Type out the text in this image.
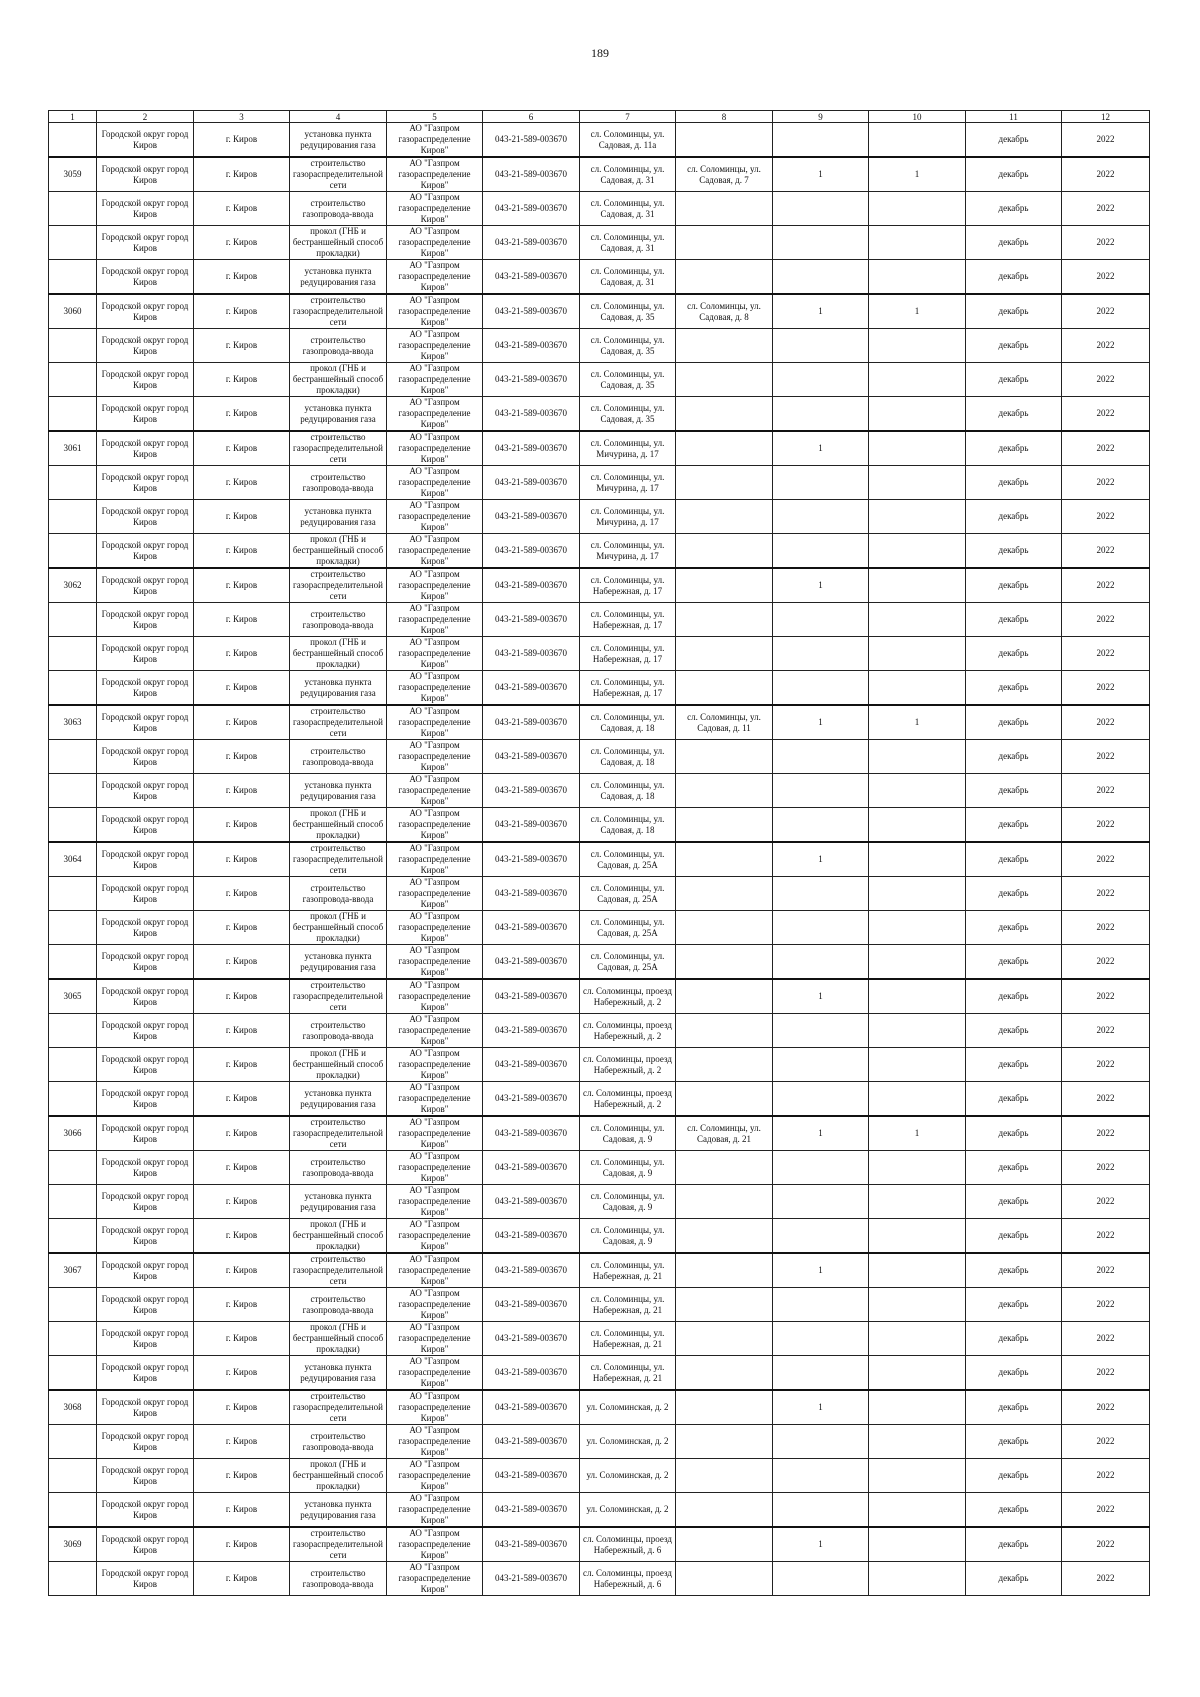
189
1	2	3	4	5	6	7	8	9	10	11	12
	Городской округ город Киров	г. Киров	установка пункта редуцирования газа	АО "Газпром газораспределение Киров"	043-21-589-003670	сл. Соломинцы, ул. Садовая, д. 11а				декабрь	2022
3059	Городской округ город Киров	г. Киров	строительство газораспределительной сети	АО "Газпром газораспределение Киров"	043-21-589-003670	сл. Соломинцы, ул. Садовая, д. 31	сл. Соломинцы, ул. Садовая, д. 7	1	1	декабрь	2022
	Городской округ город Киров	г. Киров	строительство газопровода-ввода	АО "Газпром газораспределение Киров"	043-21-589-003670	сл. Соломинцы, ул. Садовая, д. 31				декабрь	2022
	Городской округ город Киров	г. Киров	прокол (ГНБ и бестраншейный способ прокладки)	АО "Газпром газораспределение Киров"	043-21-589-003670	сл. Соломинцы, ул. Садовая, д. 31				декабрь	2022
	Городской округ город Киров	г. Киров	установка пункта редуцирования газа	АО "Газпром газораспределение Киров"	043-21-589-003670	сл. Соломинцы, ул. Садовая, д. 31				декабрь	2022
3060	Городской округ город Киров	г. Киров	строительство газораспределительной сети	АО "Газпром газораспределение Киров"	043-21-589-003670	сл. Соломинцы, ул. Садовая, д. 35	сл. Соломинцы, ул. Садовая, д. 8	1	1	декабрь	2022
	Городской округ город Киров	г. Киров	строительство газопровода-ввода	АО "Газпром газораспределение Киров"	043-21-589-003670	сл. Соломинцы, ул. Садовая, д. 35				декабрь	2022
	Городской округ город Киров	г. Киров	прокол (ГНБ и бестраншейный способ прокладки)	АО "Газпром газораспределение Киров"	043-21-589-003670	сл. Соломинцы, ул. Садовая, д. 35				декабрь	2022
	Городской округ город Киров	г. Киров	установка пункта редуцирования газа	АО "Газпром газораспределение Киров"	043-21-589-003670	сл. Соломинцы, ул. Садовая, д. 35				декабрь	2022
3061	Городской округ город Киров	г. Киров	строительство газораспределительной сети	АО "Газпром газораспределение Киров"	043-21-589-003670	сл. Соломинцы, ул. Мичурина, д. 17		1		декабрь	2022
	Городской округ город Киров	г. Киров	строительство газопровода-ввода	АО "Газпром газораспределение Киров"	043-21-589-003670	сл. Соломинцы, ул. Мичурина, д. 17				декабрь	2022
	Городской округ город Киров	г. Киров	установка пункта редуцирования газа	АО "Газпром газораспределение Киров"	043-21-589-003670	сл. Соломинцы, ул. Мичурина, д. 17				декабрь	2022
	Городской округ город Киров	г. Киров	прокол (ГНБ и бестраншейный способ прокладки)	АО "Газпром газораспределение Киров"	043-21-589-003670	сл. Соломинцы, ул. Мичурина, д. 17				декабрь	2022
3062	Городской округ город Киров	г. Киров	строительство газораспределительной сети	АО "Газпром газораспределение Киров"	043-21-589-003670	сл. Соломинцы, ул. Набережная, д. 17		1		декабрь	2022
	Городской округ город Киров	г. Киров	строительство газопровода-ввода	АО "Газпром газораспределение Киров"	043-21-589-003670	сл. Соломинцы, ул. Набережная, д. 17				декабрь	2022
	Городской округ город Киров	г. Киров	прокол (ГНБ и бестраншейный способ прокладки)	АО "Газпром газораспределение Киров"	043-21-589-003670	сл. Соломинцы, ул. Набережная, д. 17				декабрь	2022
	Городской округ город Киров	г. Киров	установка пункта редуцирования газа	АО "Газпром газораспределение Киров"	043-21-589-003670	сл. Соломинцы, ул. Набережная, д. 17				декабрь	2022
3063	Городской округ город Киров	г. Киров	строительство газораспределительной сети	АО "Газпром газораспределение Киров"	043-21-589-003670	сл. Соломинцы, ул. Садовая, д. 18	сл. Соломинцы, ул. Садовая, д. 11	1	1	декабрь	2022
	Городской округ город Киров	г. Киров	строительство газопровода-ввода	АО "Газпром газораспределение Киров"	043-21-589-003670	сл. Соломинцы, ул. Садовая, д. 18				декабрь	2022
	Городской округ город Киров	г. Киров	установка пункта редуцирования газа	АО "Газпром газораспределение Киров"	043-21-589-003670	сл. Соломинцы, ул. Садовая, д. 18				декабрь	2022
	Городской округ город Киров	г. Киров	прокол (ГНБ и бестраншейный способ прокладки)	АО "Газпром газораспределение Киров"	043-21-589-003670	сл. Соломинцы, ул. Садовая, д. 18				декабрь	2022
3064	Городской округ город Киров	г. Киров	строительство газораспределительной сети	АО "Газпром газораспределение Киров"	043-21-589-003670	сл. Соломинцы, ул. Садовая, д. 25А		1		декабрь	2022
	Городской округ город Киров	г. Киров	строительство газопровода-ввода	АО "Газпром газораспределение Киров"	043-21-589-003670	сл. Соломинцы, ул. Садовая, д. 25А				декабрь	2022
	Городской округ город Киров	г. Киров	прокол (ГНБ и бестраншейный способ прокладки)	АО "Газпром газораспределение Киров"	043-21-589-003670	сл. Соломинцы, ул. Садовая, д. 25А				декабрь	2022
	Городской округ город Киров	г. Киров	установка пункта редуцирования газа	АО "Газпром газораспределение Киров"	043-21-589-003670	сл. Соломинцы, ул. Садовая, д. 25А				декабрь	2022
3065	Городской округ город Киров	г. Киров	строительство газораспределительной сети	АО "Газпром газораспределение Киров"	043-21-589-003670	сл. Соломинцы, проезд Набережный, д. 2		1		декабрь	2022
	Городской округ город Киров	г. Киров	строительство газопровода-ввода	АО "Газпром газораспределение Киров"	043-21-589-003670	сл. Соломинцы, проезд Набережный, д. 2				декабрь	2022
	Городской округ город Киров	г. Киров	прокол (ГНБ и бестраншейный способ прокладки)	АО "Газпром газораспределение Киров"	043-21-589-003670	сл. Соломинцы, проезд Набережный, д. 2				декабрь	2022
	Городской округ город Киров	г. Киров	установка пункта редуцирования газа	АО "Газпром газораспределение Киров"	043-21-589-003670	сл. Соломинцы, проезд Набережный, д. 2				декабрь	2022
3066	Городской округ город Киров	г. Киров	строительство газораспределительной сети	АО "Газпром газораспределение Киров"	043-21-589-003670	сл. Соломинцы, ул. Садовая, д. 9	сл. Соломинцы, ул. Садовая, д. 21	1	1	декабрь	2022
	Городской округ город Киров	г. Киров	строительство газопровода-ввода	АО "Газпром газораспределение Киров"	043-21-589-003670	сл. Соломинцы, ул. Садовая, д. 9				декабрь	2022
	Городской округ город Киров	г. Киров	установка пункта редуцирования газа	АО "Газпром газораспределение Киров"	043-21-589-003670	сл. Соломинцы, ул. Садовая, д. 9				декабрь	2022
	Городской округ город Киров	г. Киров	прокол (ГНБ и бестраншейный способ прокладки)	АО "Газпром газораспределение Киров"	043-21-589-003670	сл. Соломинцы, ул. Садовая, д. 9				декабрь	2022
3067	Городской округ город Киров	г. Киров	строительство газораспределительной сети	АО "Газпром газораспределение Киров"	043-21-589-003670	сл. Соломинцы, ул. Набережная, д. 21		1		декабрь	2022
	Городской округ город Киров	г. Киров	строительство газопровода-ввода	АО "Газпром газораспределение Киров"	043-21-589-003670	сл. Соломинцы, ул. Набережная, д. 21				декабрь	2022
	Городской округ город Киров	г. Киров	прокол (ГНБ и бестраншейный способ прокладки)	АО "Газпром газораспределение Киров"	043-21-589-003670	сл. Соломинцы, ул. Набережная, д. 21				декабрь	2022
	Городской округ город Киров	г. Киров	установка пункта редуцирования газа	АО "Газпром газораспределение Киров"	043-21-589-003670	сл. Соломинцы, ул. Набережная, д. 21				декабрь	2022
3068	Городской округ город Киров	г. Киров	строительство газораспределительной сети	АО "Газпром газораспределение Киров"	043-21-589-003670	ул. Соломинская, д. 2		1		декабрь	2022
	Городской округ город Киров	г. Киров	строительство газопровода-ввода	АО "Газпром газораспределение Киров"	043-21-589-003670	ул. Соломинская, д. 2				декабрь	2022
	Городской округ город Киров	г. Киров	прокол (ГНБ и бестраншейный способ прокладки)	АО "Газпром газораспределение Киров"	043-21-589-003670	ул. Соломинская, д. 2				декабрь	2022
	Городской округ город Киров	г. Киров	установка пункта редуцирования газа	АО "Газпром газораспределение Киров"	043-21-589-003670	ул. Соломинская, д. 2				декабрь	2022
3069	Городской округ город Киров	г. Киров	строительство газораспределительной сети	АО "Газпром газораспределение Киров"	043-21-589-003670	сл. Соломинцы, проезд Набережный, д. 6		1		декабрь	2022
	Городской округ город Киров	г. Киров	строительство газопровода-ввода	АО "Газпром газораспределение Киров"	043-21-589-003670	сл. Соломинцы, проезд Набережный, д. 6				декабрь	2022
